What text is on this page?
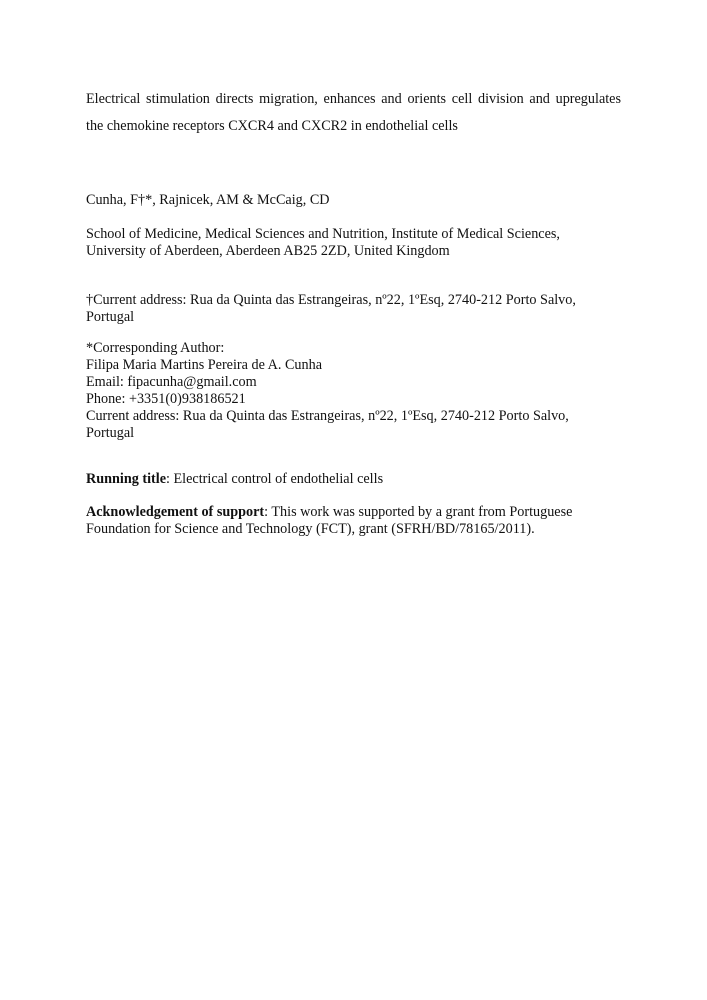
Electrical stimulation directs migration, enhances and orients cell division and upregulates
the chemokine receptors CXCR4 and CXCR2 in endothelial cells
Cunha, F†*, Rajnicek, AM & McCaig, CD
School of Medicine, Medical Sciences and Nutrition, Institute of Medical Sciences,
University of Aberdeen, Aberdeen AB25 2ZD, United Kingdom
†Current address: Rua da Quinta das Estrangeiras, nº22, 1ºEsq, 2740-212 Porto Salvo,
Portugal
*Corresponding Author:
Filipa Maria Martins Pereira de A. Cunha
Email: fipacunha@gmail.com
Phone: +3351(0)938186521
Current address: Rua da Quinta das Estrangeiras, nº22, 1ºEsq, 2740-212 Porto Salvo,
Portugal
Running title: Electrical control of endothelial cells
Acknowledgement of support: This work was supported by a grant from Portuguese
Foundation for Science and Technology (FCT), grant (SFRH/BD/78165/2011).
